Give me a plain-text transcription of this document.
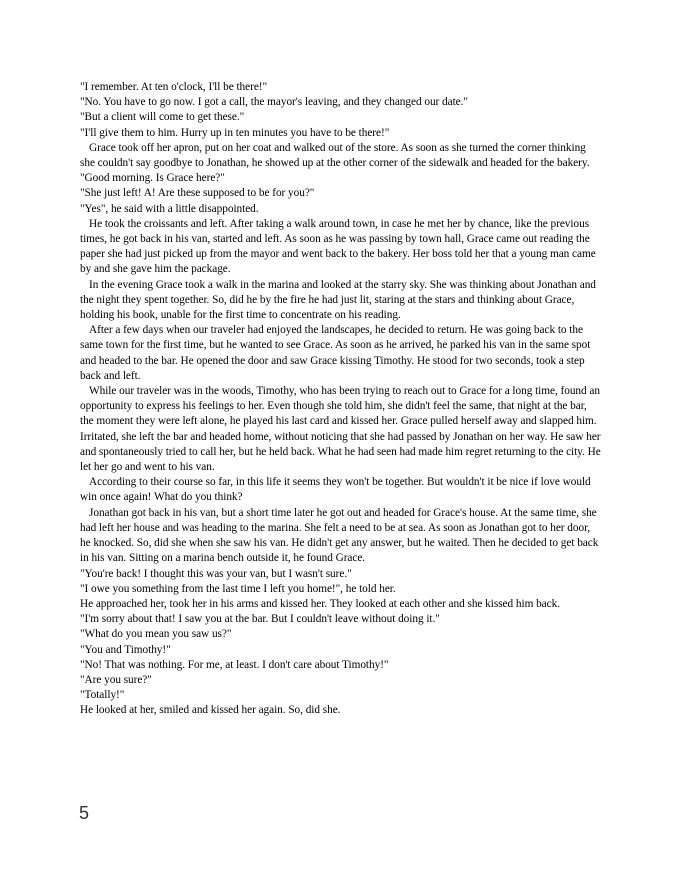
"I remember. At ten o'clock, I'll be there!"

"No. You have to go now. I got a call, the mayor's leaving, and they changed our date."

"But a client will come to get these."

"I'll give them to him. Hurry up in ten minutes you have to be there!"

Grace took off her apron, put on her coat and walked out of the store. As soon as she turned the corner thinking she couldn't say goodbye to Jonathan, he showed up at the other corner of the sidewalk and headed for the bakery.

"Good morning. Is Grace here?"

"She just left! A! Are these supposed to be for you?"

"Yes", he said with a little disappointed.

He took the croissants and left. After taking a walk around town, in case he met her by chance, like the previous times, he got back in his van, started and left. As soon as he was passing by town hall, Grace came out reading the paper she had just picked up from the mayor and went back to the bakery. Her boss told her that a young man came by and she gave him the package.

In the evening Grace took a walk in the marina and looked at the starry sky. She was thinking about Jonathan and the night they spent together. So, did he by the fire he had just lit, staring at the stars and thinking about Grace, holding his book, unable for the first time to concentrate on his reading.

After a few days when our traveler had enjoyed the landscapes, he decided to return. He was going back to the same town for the first time, but he wanted to see Grace. As soon as he arrived, he parked his van in the same spot and headed to the bar. He opened the door and saw Grace kissing Timothy. He stood for two seconds, took a step back and left.

While our traveler was in the woods, Timothy, who has been trying to reach out to Grace for a long time, found an opportunity to express his feelings to her. Even though she told him, she didn't feel the same, that night at the bar, the moment they were left alone, he played his last card and kissed her. Grace pulled herself away and slapped him. Irritated, she left the bar and headed home, without noticing that she had passed by Jonathan on her way. He saw her and spontaneously tried to call her, but he held back. What he had seen had made him regret returning to the city. He let her go and went to his van.

According to their course so far, in this life it seems they won't be together. But wouldn't it be nice if love would win once again! What do you think?

Jonathan got back in his van, but a short time later he got out and headed for Grace's house. At the same time, she had left her house and was heading to the marina. She felt a need to be at sea. As soon as Jonathan got to her door, he knocked. So, did she when she saw his van. He didn't get any answer, but he waited. Then he decided to get back in his van. Sitting on a marina bench outside it, he found Grace.

"You're back! I thought this was your van, but I wasn't sure."

"I owe you something from the last time I left you home!", he told her.

He approached her, took her in his arms and kissed her. They looked at each other and she kissed him back.

"I'm sorry about that! I saw you at the bar. But I couldn't leave without doing it."

"What do you mean you saw us?"

"You and Timothy!"

"No! That was nothing. For me, at least. I don't care about Timothy!"

"Are you sure?"

"Totally!"

He looked at her, smiled and kissed her again. So, did she.

5
